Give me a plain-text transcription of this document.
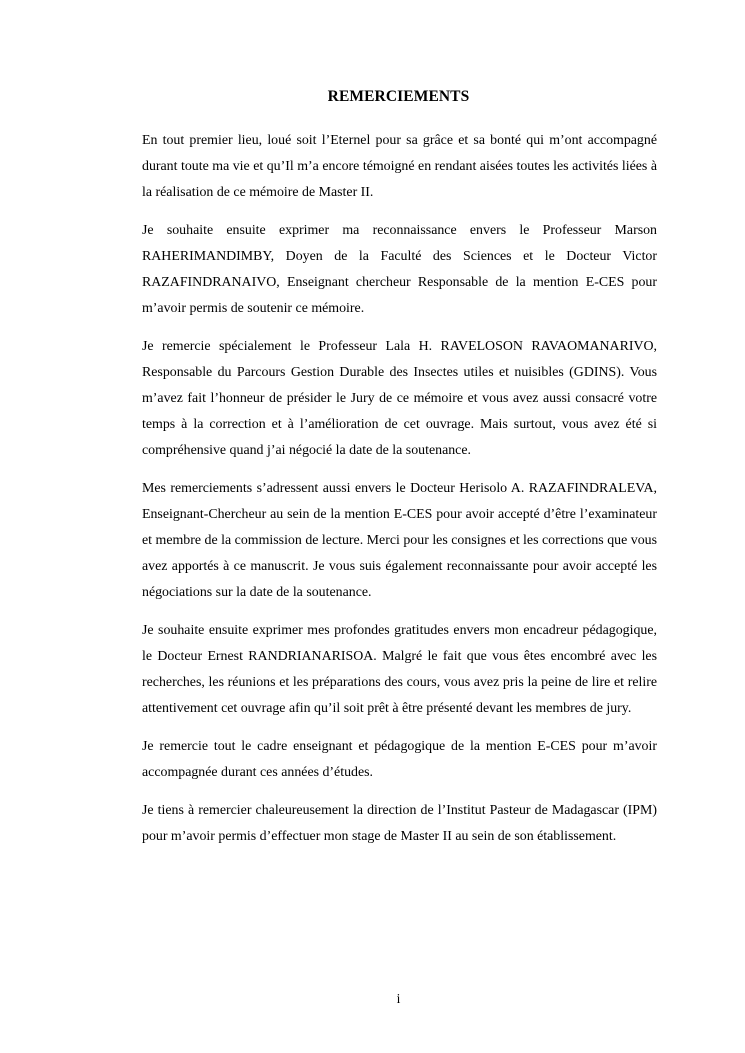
REMERCIEMENTS

En tout premier lieu, loué soit l’Eternel pour sa grâce et sa bonté qui m’ont accompagné durant toute ma vie et qu’Il m’a encore témoigné en rendant aisées toutes les activités liées à la réalisation de ce mémoire de Master II.

Je souhaite ensuite exprimer ma reconnaissance envers le Professeur Marson RAHERIMANDIMBY, Doyen de la Faculté des Sciences et le Docteur Victor RAZAFINDRANAIVO, Enseignant chercheur Responsable de la mention E-CES pour m’avoir permis de soutenir ce mémoire.

Je remercie spécialement le Professeur Lala H. RAVELOSON RAVAOMANARIVO, Responsable du Parcours Gestion Durable des Insectes utiles et nuisibles (GDINS). Vous m’avez fait l’honneur de présider le Jury de ce mémoire et vous avez aussi consacré votre temps à la correction et à l’amélioration de cet ouvrage. Mais surtout, vous avez été si compréhensive quand j’ai négocié la date de la soutenance.

Mes remerciements s’adressent aussi envers le Docteur Herisolo A. RAZAFINDRALEVA, Enseignant-Chercheur au sein de la mention E-CES pour avoir accepté d’être l’examinateur et membre de la commission de lecture. Merci pour les consignes et les corrections que vous avez apportés à ce manuscrit. Je vous suis également reconnaissante pour avoir accepté les négociations sur la date de la soutenance.

Je souhaite ensuite exprimer mes profondes gratitudes envers mon encadreur pédagogique, le Docteur Ernest RANDRIANARISOA. Malgré le fait que vous êtes encombré avec les recherches, les réunions et les préparations des cours, vous avez pris la peine de lire et relire attentivement cet ouvrage afin qu’il soit prêt à être présenté devant les membres de jury.

Je remercie tout le cadre enseignant et pédagogique de la mention E-CES pour m’avoir accompagnée durant ces années d’études.

Je tiens à remercier chaleureusement la direction de l’Institut Pasteur de Madagascar (IPM) pour m’avoir permis d’effectuer mon stage de Master II au sein de son établissement.

i
